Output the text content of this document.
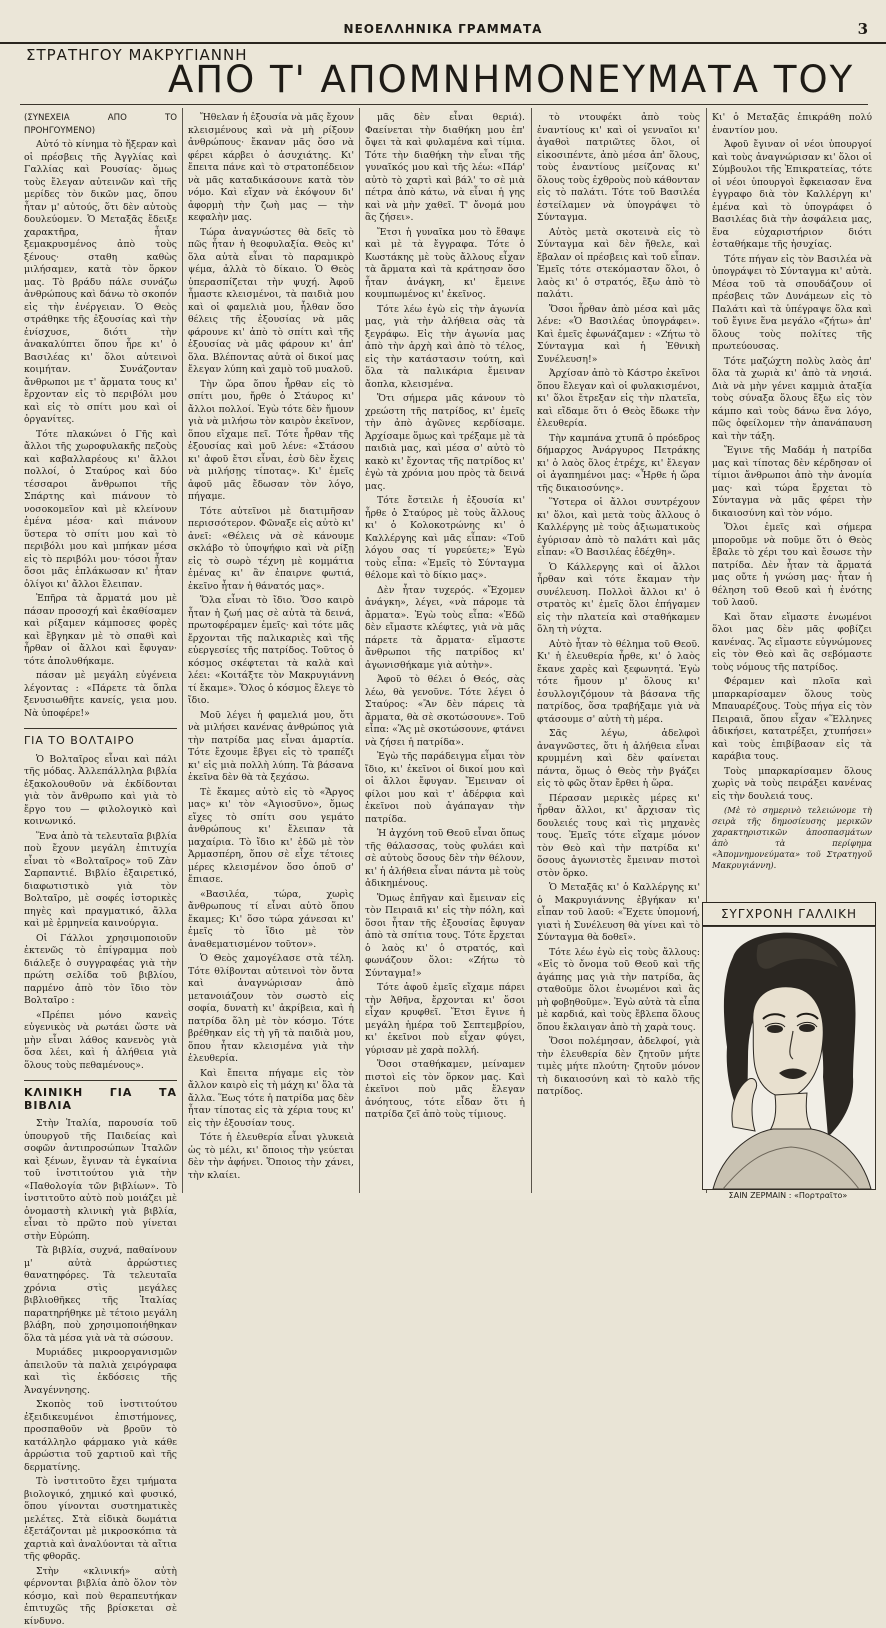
ΝΕΟΕΛΛΗΝΙΚΑ ΓΡΑΜΜΑΤΑ	3
ΣΤΡΑΤΗΓΟΥ ΜΑΚΡΥΓΙΑΝΝΗ
ΑΠΟ Τ' ΑΠΟΜΝΗΜΟΝΕΥΜΑΤΑ ΤΟΥ

(ΣΥΝΕΧΕΙΑ ΑΠΟ ΤΟ ΠΡΟΗΓΟΥΜΕΝΟ)

Αὐτό τὸ κίνημα τὸ ἤξεραν καὶ οἱ πρέσβεις τῆς Ἀγγλίας καὶ Γαλλίας καὶ Ρουσίας· ὅμως τοὺς ἔλεγαν αὐτεινῶν καὶ τῆς μερίδες τὸν δικῶν μας, ὅπου ἦταν μ' αὐτούς, ὅτι δὲν αὐτοὺς δουλεύομεν. Ὁ Μεταξᾶς ἔδειξε χαρακτῆρα, ἦταν ξεμακρυσμένος ἀπὸ τοὺς ξένους· σταθη καθὼς μιλήσαμεν, κατὰ τὸν ὅρκον μας. Τὸ βράδυ πάλε συνάζω ἀνθρώπους καὶ δάνω τὸ σκοπόν εἰς τὴν ἐνέργειαν. Ὁ Θεὸς στράθηκε τῆς ἐξουσίας καὶ τὴν ἐνίσχυσε, διότι τὴν ἀνακαλύπτει ὅπου ἦρε κι' ὁ Βασιλέας κι' ὅλοι αὐτεινοὶ κοιμήταν. Συνάζονταν ἄνθρωποι με τ' ἄρματα τους κι' ἔρχονταν εἰς τὸ περιβόλι μου καὶ εἰς τὸ σπίτι μου καὶ οἱ ὀργανίτες.

Τότε πλακώνει ὁ Γῆς καὶ ἄλλοι τῆς χωροφυλακῆς πεζοὺς καὶ καβαλλαρέους κι' ἄλλοι πολλοί, ὁ Σταύρος καὶ δύο τέσσαροι ἄνθρωποι τῆς Σπάρτης καὶ πιάνουν τὸ νοσοκομεῖον καὶ μὲ κλείνουν ἐμένα μέσα· καὶ πιάνουν ὕστερα τὸ σπίτι μου καὶ τὸ περιβόλι μου καὶ μπήκαν μέσα εἰς τὸ περιβόλι μου· τόσοι ἦταν ὅσοι μᾶς ἐπλάκωσαν κι' ἦταν ὀλίγοι κι' ἄλλοι ἔλειπαν.

Ἐπῆρα τὰ ἄρματά μου μὲ πάσαν προσοχή καὶ ἐκαθίσαμεν καὶ ρίξαμεν κάμποσες φορὲς καὶ ἔβγηκαν μὲ τὸ σπαθὶ καὶ ἦρθαν οἱ ἄλλοι καὶ ἔφυγαν· τότε ἀπολυθήκαμε.

πάσαν μὲ μεγάλη εὐγένεια λέγοντας : «Πάρετε τὰ ὅπλα ξενυσιωθῆτε κανείς, γεια μου. Νὰ ὑποφέρε!»

ΓΙΑ ΤΟ ΒΟΛΤΑΙΡΟ

Ὁ Βολταῖρος εἶναι καὶ πάλι τῆς μόδας. Ἀλλεπάλληλα βιβλία ἐξακολουθοῦν νὰ ἐκδίδονται γιὰ τὸν ἄνθρωπο καὶ γιὰ τὸ ἔργο του — φιλολογικὸ καὶ κοινωνικό.

Ἕνα ἀπὸ τὰ τελευταῖα βιβλία ποὺ ἔχουν μεγάλη ἐπιτυχία εἶναι τὸ «Βολταῖρος» τοῦ Ζὰν Σαρπαντιέ. Βιβλίο ἐξαιρετικό, διαφωτιστικὸ γιὰ τὸν Βολταῖρο, μὲ σοφές ἱστορικὲς πηγὲς καὶ πραγματικό, ἄλλα καὶ μὲ ἑρμηνεία καινούργια.

Οἱ Γάλλοι χρησιμοποιοῦν ἐκτενῶς τὸ ἐπίγραμμα ποὺ διάλεξε ὁ συγγραφέας γιὰ τὴν πρώτη σελίδα τοῦ βιβλίου, παρμένο ἀπὸ τὸν ἴδιο τὸν Βολταῖρο :

«Πρέπει μόνο κανεὶς εὐγενικὸς νὰ ρωτάει ὥστε νὰ μὴν εἶναι λάθος κανενὸς γιὰ ὅσα λέει, καὶ ἡ ἀλήθεια γιὰ ὅλους τοὺς πεθαμένους».

ΚΛΙΝΙΚΗ ΓΙΑ ΤΑ ΒΙΒΛΙΑ

Στὴν Ἰταλία, παρουσία τοῦ ὑπουργοῦ τῆς Παιδείας καὶ σοφῶν ἀντιπροσώπων Ἰταλῶν καὶ ξένων, ἔγιναν τὰ ἐγκαίνια τοῦ ἰνστιτούτου γιὰ τὴν «Παθολογία τῶν βιβλίων». Τὸ ἰνστιτοῦτο αὐτὸ ποὺ μοιάζει μὲ ὀνομαστὴ κλινικὴ γιὰ βιβλία, εἶναι τὸ πρῶτο ποὺ γίνεται στὴν Εὐρώπη.

Τὰ βιβλία, συχνά, παθαίνουν μ' αὐτὰ ἀρρώστιες θανατηφόρες. Τὰ τελευταῖα χρόνια στὶς μεγάλες βιβλιοθῆκες τῆς Ἰταλίας παρατηρήθηκε μὲ τέτοιο μεγάλη βλάβη, ποὺ χρησιμοποιήθηκαν ὅλα τὰ μέσα γιὰ νὰ τὰ σώσουν.

Μυριάδες μικροοργανισμῶν ἀπειλοῦν τὰ παλιὰ χειρόγραφα καὶ τὶς ἐκδόσεις τῆς Ἀναγέννησης.

Σκοπὸς τοῦ ἰνστιτούτου ἐξειδικευμένοι ἐπιστήμονες, προσπαθοῦν νὰ βροῦν τὸ κατάλληλο φάρμακο γιὰ κάθε ἀρρώστια τοῦ χαρτιοῦ καὶ τῆς δερματίνης.

Τὸ ἰνστιτοῦτο ἔχει τμήματα βιολογικό, χημικό καὶ φυσικό, ὅπου γίνονται συστηματικὲς μελέτες. Στὰ εἰδικὰ δωμάτια ἐξετάζονται μὲ μικροσκόπια τὰ χαρτιὰ καὶ ἀναλύονται τὰ αἴτια τῆς φθορᾶς.

Στὴν «κλινική» αὐτὴ φέρνονται βιβλία ἀπὸ ὅλον τὸν κόσμο, καὶ ποὺ θεραπευτήκαν ἐπιτυχῶς τῆς βρίσκεται σὲ κίνδυνο.

Ἤθελαν ἡ ἐξουσία νὰ μᾶς ἔχουν κλεισμένους καὶ νὰ μὴ ρίξουν ἀνθρώπους· ἔκαναν μᾶς ὅσο νὰ φέρει κάρβει ὁ ἀσυχιάτης. Κι' ἔπειτα πάνε καὶ τὸ στρατοπέδειον νὰ μᾶς καταδικάσουνε κατὰ τὸν νόμο. Καὶ εἴχαν νὰ ἐκόψουν δι' ἀφορμὴ τὴν ζωὴ μας — τὴν κεφαλὴν μας.

Τώρα ἀναγνώστες θὰ δεῖς τὸ πῶς ἦταν ἡ θεοφυλαξία. Θεὸς κι' ὅλα αὐτὰ εἶναι τὸ παραμικρὸ ψέμα, ἀλλὰ τὸ δίκαιο. Ὁ Θεὸς ὑπερασπίζεται τὴν ψυχή. Ἀφοῦ ἦμαστε κλεισμένοι, τὰ παιδιὰ μου καὶ οἱ φαμελιὰ μου, ἦλθαν ὅσο θέλεις τῆς ἐξουσίας νὰ μᾶς φάρουνε κι' ἀπὸ τὸ σπίτι καὶ τῆς ἐξουσίας νὰ μᾶς φάρουν κι' ἀπ' ὅλα. Βλέποντας αὐτὰ οἱ δικοί μας ἔλεγαν λύπη καὶ χαμὸ τοῦ μυαλοῦ.

Τὴν ὥρα ὅπου ἦρθαν εἰς τὸ σπίτι μου, ἤρθε ὁ Στάυρος κι' ἄλλοι πολλοί. Ἐγὼ τότε δὲν ἤμουν γιὰ νὰ μιλήσω τὸν καιρὸν ἐκεῖνον, ὅπου εἴχαμε πεῖ. Τότε ἦρθαν τῆς ἐξουσίας καὶ μοῦ λένε: «Στάσου κι' ἀφοῦ ἔτσι εἶναι, ἐσὺ δὲν ἔχεις νὰ μιλήσῃς τίποτας». Κι' ἐμεῖς ἀφοῦ μᾶς ἔδωσαν τὸν λόγο, πήγαμε.

Τότε αὐτεῖνοι μὲ διατιμῆσαν περισσότερον. Φῶναξε εἰς αὐτὸ κι' ἀνεῖ: «Θέλεις νὰ σὲ κάνουμε σκλάβο τὸ ὑποψήφιο καὶ νὰ ρίξῃ εἰς τὸ σωρὸ τέχνη μὲ κομμάτια ἐμένας κι' ἂν ἐπαιρνε φωτιά, ἐκεῖνο ἦταν ἡ θάνατός μας».

Ὅλα εἶναι τὸ ἴδιο. Ὅσο καιρὸ ἦταν ἡ ζωή μας σὲ αὐτὰ τὰ δεινά, πρωτοφέραμεν ἐμεῖς· καὶ τότε μᾶς ἔρχονται τῆς παλικαριὲς καὶ τῆς εὐεργεσίες τῆς πατρίδος. Τοῦτος ὁ κόσμος σκέφτεται τὰ καλὰ καὶ λέει: «Κοιτάξτε τὸν Μακρυγιάννη τί ἔκαμε». Ὅλος ὁ κόσμος ἔλεγε τὸ ἴδιο.

Μοῦ λέγει ἡ φαμελιά μου, ὅτι νὰ μιλήσει κανένας ἀνθρώπος γιὰ τὴν πατρίδα μας εἶναι ἁμαρτία. Τότε ἔχουμε ἔβγει εἰς τὸ τραπέζι κι' εἰς μιὰ πολλὴ λύπη. Τὰ βάσανα ἐκεῖνα δὲν θὰ τὰ ξεχάσω.

Τὲ ἔκαμες αὐτὸ εἰς τὸ «Ἄργος μας» κι' τὸν «Ἀγιοσῦνο», ὅμως εἴχες τὸ σπίτι σου γεμάτο ἀνθρώπους κι' ἔλειπαν τὰ μαχαίρια. Τὸ ἴδιο κι' ἐδῶ μὲ τὸν Ἀρμασπέρη, ὅπου σὲ εἶχε τέτοιες μέρες κλεισμένον ὅσο ὁποῦ σ' ἔπιασε.

«Βασιλέα, τώρα, χωρὶς ἄνθρωπους τί εἶναι αὐτὸ ὅπου ἔκαμες; Κι' ὅσο τώρα χάνεσαι κι' ἐμεῖς τὸ ἴδιο μὲ τὸν ἀναθεματισμένον τοῦτον».

Ὁ Θεὸς χαμογέλασε στὰ τέλη. Τότε θλίβονται αὐτεινοὶ τὸν ὄντα καὶ ἀναγνώρισαν ἀπὸ μετανοιάζουν τὸν σωστὸ εἰς σοφία, δυνατὴ κι' ἀκρίβεια, καὶ ἡ πατρίδα ὅλη μὲ τὸν κόσμο. Τότε βρέθηκαν εἰς τὴ γῆ τὰ παιδιὰ μου, ὅπου ἦταν κλεισμένα γιὰ τὴν ἐλευθερία.

Καὶ ἔπειτα πήγαμε εἰς τὸν ἄλλον καιρὸ εἰς τὴ μάχη κι' ὅλα τὰ ἄλλα. Ἕως τότε ἡ πατρίδα μας δὲν ἦταν τίποτας εἰς τὰ χέρια τους κι' εἰς τὴν ἐξουσίαν τους.

Τότε ἡ ἐλευθερία εἶναι γλυκειὰ ὡς τὸ μέλι, κι' ὅποιος τὴν γεύεται δὲν τὴν ἀφήνει. Ὅποιος τὴν χάνει, τὴν κλαίει.

μᾶς δὲν εἶναι θεριά). Φαείνεται τὴν διαθήκη μου ἐπ' ὄψει τὰ καὶ φυλαμένα καὶ τίμια. Τότε τὴν διαθήκη τὴν εἶναι τῆς γυναῖκός μου καὶ τῆς λέω: «Πάρ' αὐτὸ τὸ χαρτὶ καὶ βάλ' το σὲ μιὰ πέτρα ἀπὸ κάτω, νὰ εἶναι ἡ γης καὶ νὰ μὴν χαθεῖ. Τ' ὄνομά μου ἂς ζήσει».

Ἔτσι ἡ γυναῖκα μου τὸ ἔθαψε καὶ μὲ τὰ ἔγγραφα. Τότε ὁ Κωστάκης μὲ τοὺς ἄλλους εἶχαν τὰ ἄρματα καὶ τὰ κράτησαν ὅσο ἦταν ἀνάγκη, κι' ἔμεινε κουμπωμένος κι' ἐκεῖνος.

Τότε λέω ἐγὼ εἰς τὴν ἀγωνία μας, γιὰ τὴν ἀλήθεια σὰς τὰ ξεγράφω. Εἰς τὴν ἀγωνία μας ἀπὸ τὴν ἀρχὴ καὶ ἀπὸ τὸ τέλος, εἰς τὴν κατάστασιν τούτη, καὶ ὅλα τὰ παλικάρια ἔμειναν ἄοπλα, κλεισμένα.

Ὅτι σήμερα μᾶς κάνουν τὸ χρεώστη τῆς πατρίδος, κι' ἐμεῖς τὴν ἀπὸ ἀγῶνες κερδίσαμε. Ἀρχίσαμε ὅμως καὶ τρέξαμε μὲ τὰ παιδιὰ μας, καὶ μέσα σ' αὐτὸ τὸ κακὸ κι' ἔχοντας τῆς πατρίδος κι' ἐγὼ τὰ χρόνια μου πρὸς τὰ δεινά μας.

Τότε ἔστειλε ἡ ἐξουσία κι' ἦρθε ὁ Σταύρος μὲ τοὺς ἄλλους κι' ὁ Κολοκοτρώνης κι' ὁ Καλλέργης καὶ μᾶς εἶπαν: «Τοῦ λόγου σας τί γυρεύετε;» Ἐγὼ τοὺς εἶπα: «Ἐμεῖς τὸ Σύνταγμα θέλομε καὶ τὸ δίκιο μας».

Δὲν ἦταν τυχερός. «Ἔχομεν ἀνάγκη», λέγει, «νὰ πάρομε τὰ ἄρματα». Ἐγὼ τοὺς εἶπα: «Ἐδῶ δὲν εἴμαστε κλέφτες, γιὰ νὰ μᾶς πάρετε τὰ ἄρματα· εἴμαστε ἄνθρωποι τῆς πατρίδος κι' ἀγωνισθήκαμε γιὰ αὐτὴν».

Ἀφοῦ τὸ θέλει ὁ Θεός, σὰς λέω, θὰ γενοῦνε. Τότε λέγει ὁ Σταύρος: «Ἂν δὲν πάρεις τὰ ἄρματα, θὰ σὲ σκοτώσουνε». Τοῦ εἶπα: «Ἂς μὲ σκοτώσουνε, φτάνει νὰ ζήσει ἡ πατρίδα».

Ἐγὼ τῆς παράδειγμα εἶμαι τὸν ἴδιο, κι' ἐκεῖνοι οἱ δικοί μου καὶ οἱ ἄλλοι ἔφυγαν. Ἔμειναν οἱ φίλοι μου καὶ τ' ἀδέρφια καὶ ἐκεῖνοι ποὺ ἀγάπαγαν τὴν πατρίδα.

Ἡ ἀγχόνη τοῦ Θεοῦ εἶναι ὄπως τῆς θάλασσας, τοὺς φυλάει καὶ σὲ αὐτοὺς ὅσους δὲν τὴν θέλουν, κι' ἡ ἀλήθεια εἶναι πάντα μὲ τοὺς ἀδικημένους.

Ὅμως ἐπῆγαν καὶ ἔμειναν εἰς τὸν Πειραιᾶ κι' εἰς τὴν πόλη, καὶ ὅσοι ἦταν τῆς ἐξουσίας ἔφυγαν ἀπὸ τὰ σπίτια τους. Τότε ἔρχεται ὁ λαὸς κι' ὁ στρατός, καὶ φωνάζουν ὅλοι: «Ζήτω τὸ Σύνταγμα!»

Τότε ἀφοῦ ἐμεῖς εἴχαμε πάρει τὴν Ἀθῆνα, ἔρχονται κι' ὅσοι εἶχαν κρυφθεῖ. Ἔτσι ἔγινε ἡ μεγάλη ἡμέρα τοῦ Σεπτεμβρίου, κι' ἐκεῖνοι ποὺ εἶχαν φύγει, γύρισαν μὲ χαρὰ πολλή.

Ὅσοι σταθήκαμεν, μείναμεν πιστοὶ εἰς τὸν ὅρκον μας. Καὶ ἐκεῖνοι ποὺ μᾶς ἔλεγαν ἀνόητους, τότε εἶδαν ὅτι ἡ πατρίδα ζεῖ ἀπὸ τοὺς τίμιους.

τὸ ντουφέκι ἀπὸ τοὺς ἐναντίους κι' καὶ οἱ γενναῖοι κι' ἀγαθοὶ πατριῶτες ὅλοι, οἱ εἰκοσιπέντε, ἀπὸ μέσα ἀπ' ὅλους, τοὺς ἐναντίους μείζονας κι' ὅλους τοὺς ἐχθροὺς ποὺ κάθονταν εἰς τὸ παλάτι. Τότε τοῦ Βασιλέα ἐστείλαμεν νὰ ὑπογράψει τὸ Σύνταγμα.

Αὐτὸς μετὰ σκοτεινὰ εἰς τὸ Σύνταγμα καὶ δὲν ἤθελε, καὶ ἔβαλαν οἱ πρέσβεις καὶ τοῦ εἶπαν. Ἐμεῖς τότε στεκόμασταν ὅλοι, ὁ λαὸς κι' ὁ στρατός, ἔξω ἀπὸ τὸ παλάτι.

Ὅσοι ἦρθαν ἀπὸ μέσα καὶ μᾶς λένε: «Ὁ Βασιλέας ὑπογράφει». Καὶ ἐμεῖς ἐφωνάζαμεν : «Ζήτω τὸ Σύνταγμα καὶ ἡ Ἐθνικὴ Συνέλευση!»

Ἀρχίσαν ἀπὸ τὸ Κάστρο ἐκεῖνοι ὅπου ἔλεγαν καὶ οἱ φυλακισμένοι, κι' ὅλοι ἔτρεξαν εἰς τὴν πλατεῖα, καὶ εἴδαμε ὅτι ὁ Θεὸς ἔδωκε τὴν ἐλευθερία.

Τὴν καμπάνα χτυπᾶ ὁ πρόεδρος δήμαρχος Ἀνάργυρος Πετράκης κι' ὁ λαὸς ὅλος ἐτρέχε, κι' ἔλεγαν οἱ ἀγαπημένοι μας: «Ἦρθε ἡ ὥρα τῆς δικαιοσύνης».

Ὕστερα οἱ ἄλλοι συντρέχουν κι' ὅλοι, καὶ μετὰ τοὺς ἄλλους ὁ Καλλέργης μὲ τοὺς ἀξιωματικοὺς ἐγύρισαν ἀπὸ τὸ παλάτι καὶ μᾶς εἶπαν: «Ὁ Βασιλέας ἐδέχθη».

Ὁ Κάλλεργης καὶ οἱ ἄλλοι ἦρθαν καὶ τότε ἔκαμαν τὴν συνέλευση. Πολλοὶ ἄλλοι κι' ὁ στρατὸς κι' ἐμεῖς ὅλοι ἐπήγαμεν εἰς τὴν πλατεία καὶ σταθήκαμεν ὅλη τὴ νύχτα.

Αὐτὸ ἦταν τὸ θέλημα τοῦ Θεοῦ. Κι' ἡ ἐλευθερία ἦρθε, κι' ὁ λαὸς ἔκανε χαρὲς καὶ ξεφωνητά. Ἐγὼ τότε ἤμουν μ' ὅλους κι' ἐσυλλογιζόμουν τὰ βάσανα τῆς πατρίδος, ὅσα τραβήξαμε γιὰ νὰ φτάσουμε σ' αὐτὴ τὴ μέρα.

Σᾶς λέγω, ἀδελφοὶ ἀναγνῶστες, ὅτι ἡ ἀλήθεια εἶναι κρυμμένη καὶ δὲν φαίνεται πάντα, ὅμως ὁ Θεὸς τὴν βγάζει εἰς τὸ φῶς ὅταν ἔρθει ἡ ὥρα.

Πέρασαν μερικὲς μέρες κι' ἦρθαν ἄλλοι, κι' ἄρχισαν τὶς δουλειές τους καὶ τὶς μηχανὲς τους. Ἐμεῖς τότε εἴχαμε μόνον τὸν Θεὸ καὶ τὴν πατρίδα κι' ὅσους ἀγωνιστὲς ἔμειναν πιστοὶ στὸν ὅρκο.

Ὁ Μεταξᾶς κι' ὁ Καλλέργης κι' ὁ Μακρυγιάννης ἐβγήκαν κι' εἶπαν τοῦ λαοῦ: «Ἔχετε ὑπομονή, γιατὶ ἡ Συνέλευση θὰ γίνει καὶ τὸ Σύνταγμα θὰ δοθεῖ».

Τότε λέω ἐγὼ εἰς τοὺς ἄλλους: «Εἰς τὸ ὄνομα τοῦ Θεοῦ καὶ τῆς ἀγάπης μας γιὰ τὴν πατρίδα, ἂς σταθοῦμε ὅλοι ἑνωμένοι καὶ ἂς μὴ φοβηθοῦμε». Ἐγὼ αὐτὰ τὰ εἶπα μὲ καρδιά, καὶ τοὺς ἔβλεπα ὅλους ὅπου ἔκλαιγαν ἀπὸ τὴ χαρὰ τους.

Ὅσοι πολέμησαν, ἀδελφοί, γιὰ τὴν ἐλευθερία δὲν ζητοῦν μήτε τιμὲς μήτε πλούτη· ζητοῦν μόνον τὴ δικαιοσύνη καὶ τὸ καλὸ τῆς πατρίδος.

Κι' ὁ Μεταξᾶς ἐπικράθη πολύ ἐναντίον μου.

Ἀφοῦ ἔγιναν οἱ νέοι ὑπουργοί καὶ τοὺς ἀναγνώρισαν κι' ὅλοι οἱ Σύμβουλοι τῆς Ἐπικρατείας, τότε οἱ νέοι ὑπουργοὶ ἔφκειασαν ἕνα ἐγγραφο διὰ τὸν Καλλέργη κι' ἐμένα καὶ τὸ ὑπογράφει ὁ Βασιλέας διὰ τὴν ἀσφάλεια μας, ἕνα εὐχαριστήριον διότι ἐσταθήκαμε τῆς ἡσυχίας.

Τότε πήγαν εἰς τὸν Βασιλέα νὰ ὑπογράψει τὸ Σύνταγμα κι' αὐτὰ. Μέσα τοῦ τὰ σπουδάζουν οἱ πρέσβεις τῶν Δυνάμεων εἰς τὸ Παλάτι καὶ τὰ ὑπέγραψε ὅλα καὶ τοῦ ἔγινε ἕνα μεγάλο «ζήτω» ἀπ' ὅλους τοὺς πολίτες τῆς πρωτεύουσας.

Τότε μαζώχτη πολὺς λαὸς ἀπ' ὅλα τὰ χωριὰ κι' ἀπὸ τὰ νησιά. Διὰ νὰ μὴν γένει καμμιὰ ἀταξία τοὺς σύναξα ὅλους ἔξω εἰς τὸν κάμπο καὶ τοὺς δάνω ἕνα λόγο, πῶς ὀφείλομεν τὴν ἀπανάπαυση καὶ τὴν τάξη.

Ἔγινε τῆς Μαδάμ ἡ πατρίδα μας καὶ τίποτας δὲν κέρδησαν οἱ τίμιοι ἄνθρωποι ἀπὸ τὴν ἀνομία μας· καὶ τώρα ἔρχεται τὸ Σύνταγμα νὰ μᾶς φέρει τὴν δικαιοσύνη καὶ τὸν νόμο.

Ὅλοι ἐμεῖς καὶ σήμερα μποροῦμε νὰ ποῦμε ὅτι ὁ Θεὸς ἔβαλε τὸ χέρι του καὶ ἔσωσε τὴν πατρίδα. Δὲν ἦταν τὰ ἄρματά μας οὔτε ἡ γνώση μας· ἦταν ἡ θέληση τοῦ Θεοῦ καὶ ἡ ἐνότης τοῦ λαοῦ.

Καὶ ὅταν εἴμαστε ἑνωμένοι ὅλοι μας δὲν μᾶς φοβίζει κανένας. Ἂς εἴμαστε εὐγνώμονες εἰς τὸν Θεὸ καὶ ἂς σεβόμαστε τοὺς νόμους τῆς πατρίδος.

Φέραμεν καὶ πλοῖα καὶ μπαρκαρίσαμεν ὅλους τοὺς Μπαυαρέζους. Τοὺς πήγα εἰς τὸν Πειραιᾶ, ὅπου εἶχαν «Ἕλληνες ἀδικήσει, κατατρέξει, χτυπήσει» καὶ τοὺς ἐπιβίβασαν εἰς τὰ καράβια τους.

Τοὺς μπαρκαρίσαμεν ὅλους χωρὶς νὰ τοὺς πειράξει κανένας εἰς τὴν δουλειά τους.

(Μὲ τὸ σημερινὸ τελειώνομε τὴ σειρὰ τῆς δημοσίευσης μερικῶν χαρακτηριστικῶν ἀποσπασμάτων ἀπὸ τὰ περίφημα «Ἀπομνημονεύματα» τοῦ Στρατηγοῦ Μακρυγιάννη).

ΣΥΓΧΡΟΝΗ ΓΑΛΛΙΚΗ
ΣΑΙΝ ΖΕΡΜΑΙΝ : «Πορτραῖτο»
